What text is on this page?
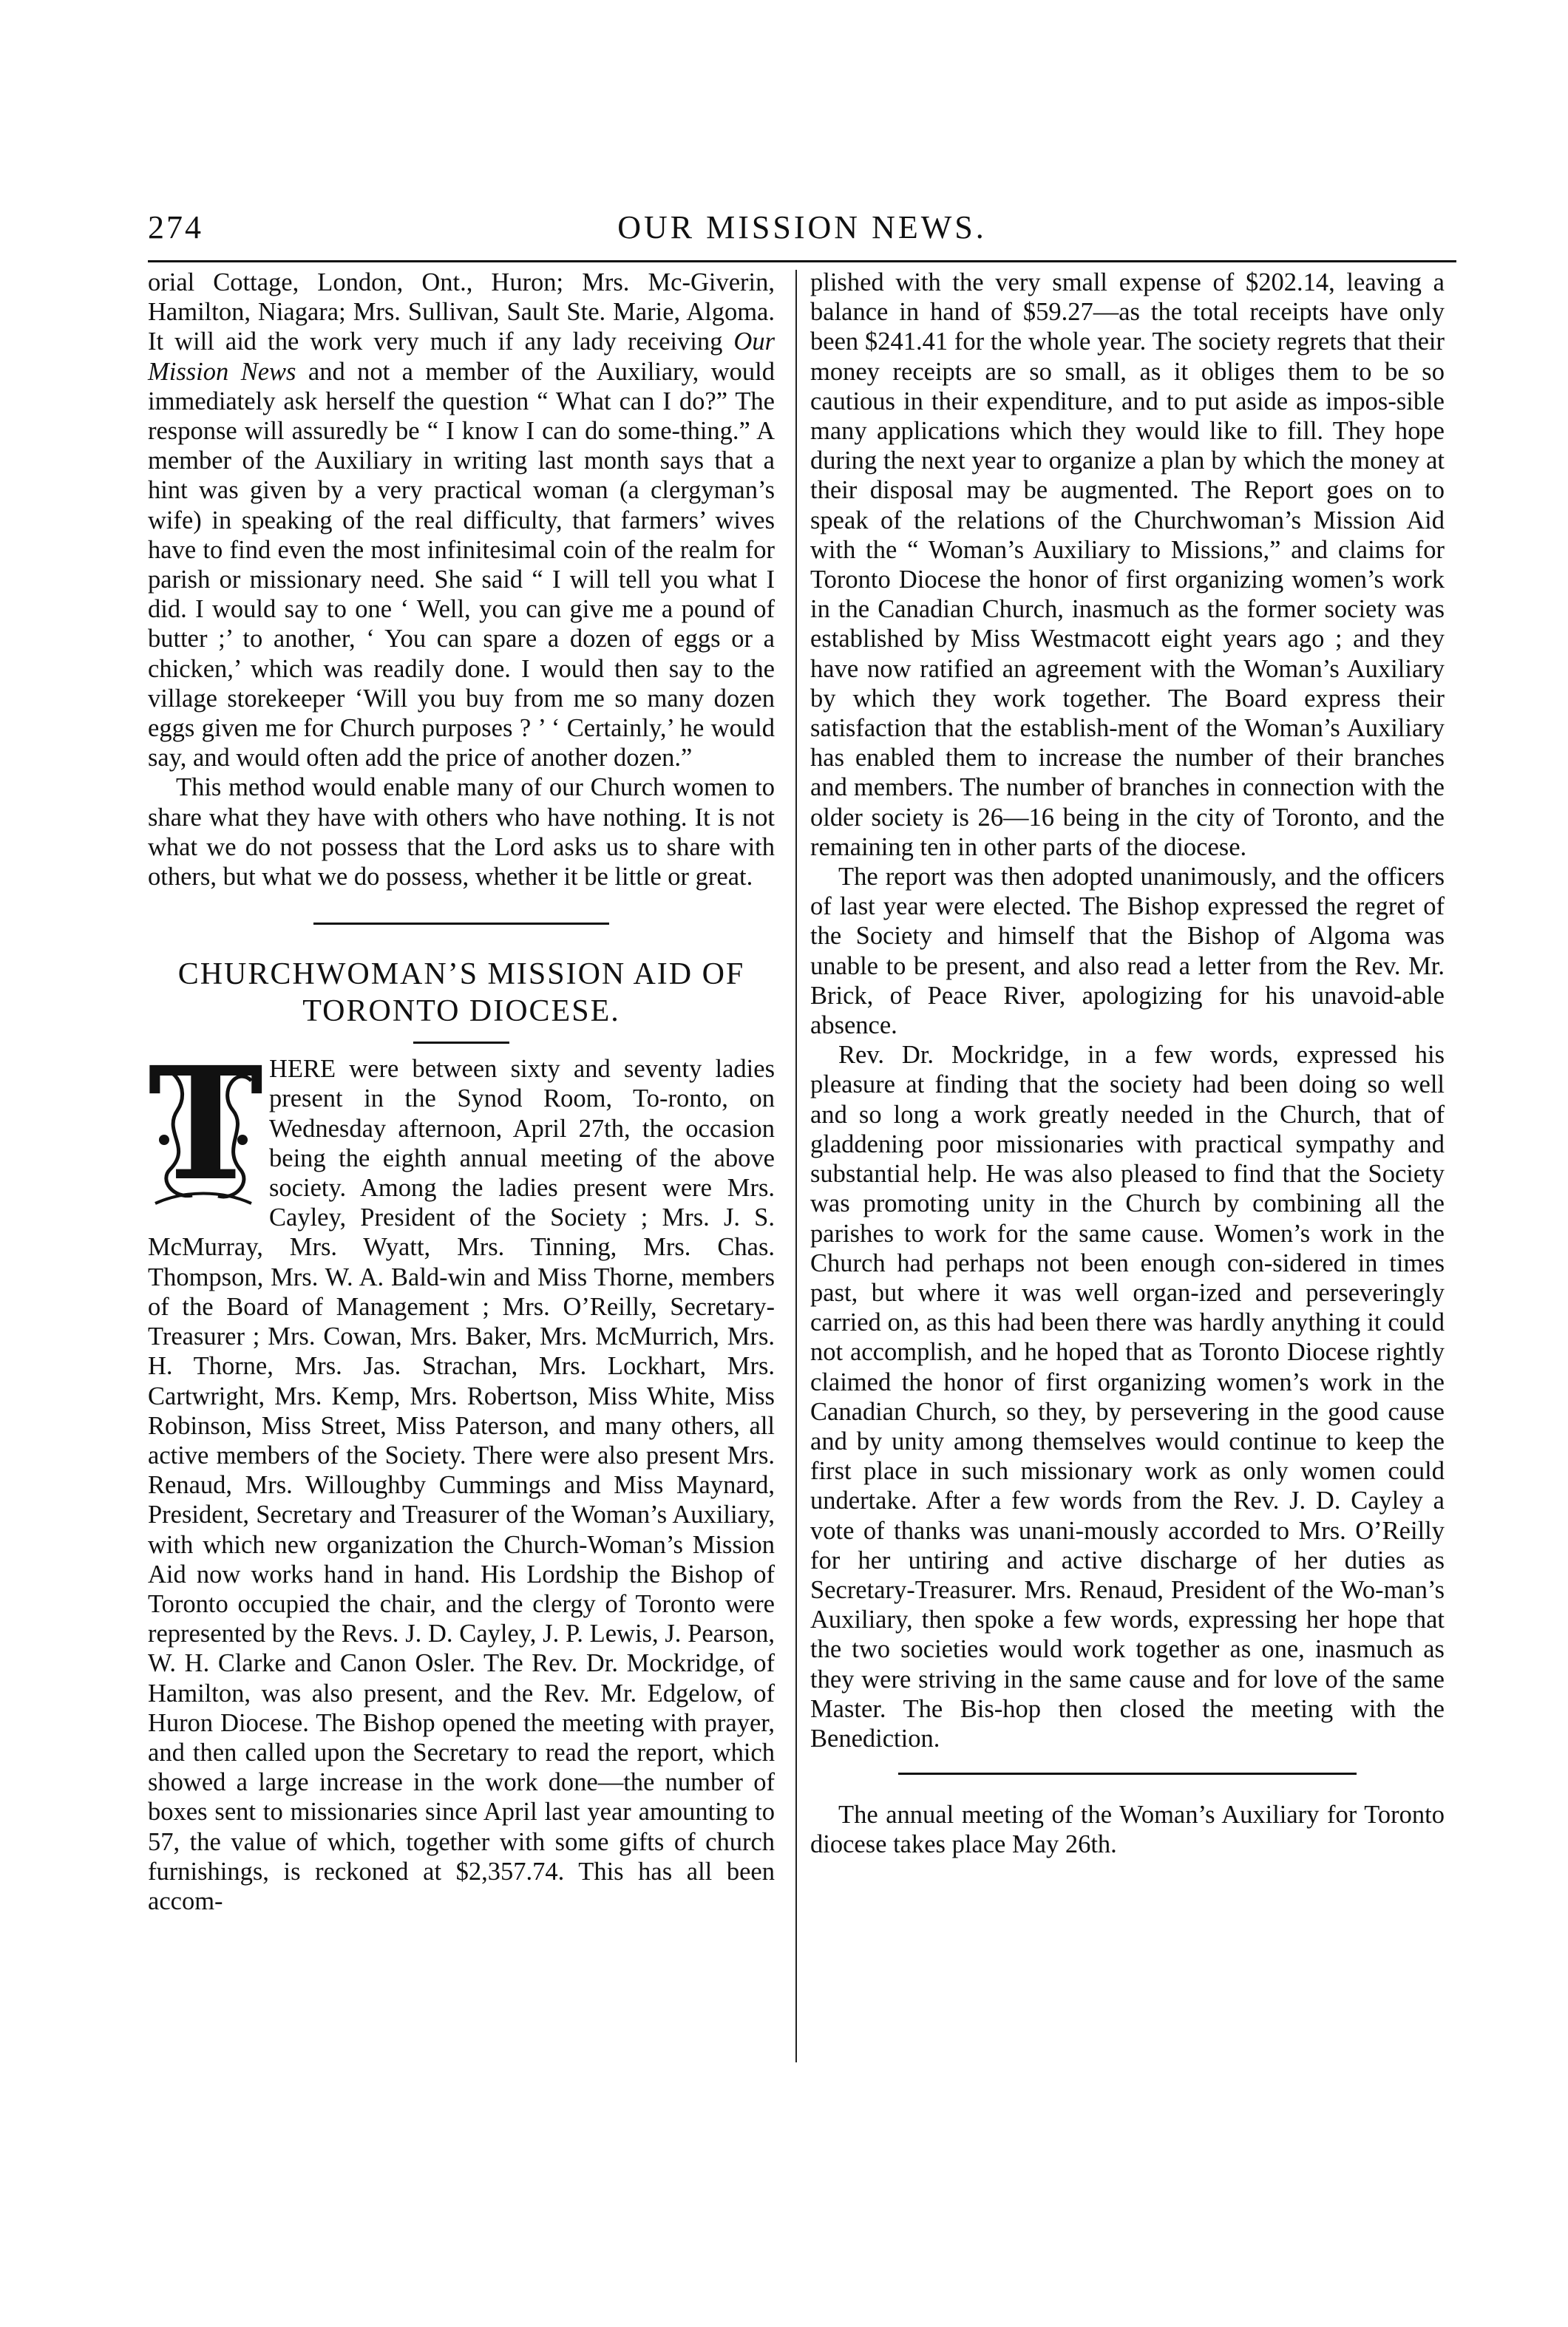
274	OUR MISSION NEWS.

orial Cottage, London, Ont., Huron; Mrs. Mc-Giverin, Hamilton, Niagara; Mrs. Sullivan, Sault Ste. Marie, Algoma. It will aid the work very much if any lady receiving Our Mission News and not a member of the Auxiliary, would immediately ask herself the question “ What can I do?” The response will assuredly be “ I know I can do some-thing.” A member of the Auxiliary in writing last month says that a hint was given by a very practical woman (a clergyman’s wife) in speaking of the real difficulty, that farmers’ wives have to find even the most infinitesimal coin of the realm for parish or missionary need. She said “ I will tell you what I did. I would say to one ‘ Well, you can give me a pound of butter ;’ to another, ‘ You can spare a dozen of eggs or a chicken,’ which was readily done. I would then say to the village storekeeper ‘Will you buy from me so many dozen eggs given me for Church purposes ? ’ ‘ Certainly,’ he would say, and would often add the price of another dozen.”

This method would enable many of our Church women to share what they have with others who have nothing. It is not what we do not possess that the Lord asks us to share with others, but what we do possess, whether it be little or great.

CHURCHWOMAN’S MISSION AID OF
TORONTO DIOCESE.

T HERE were between sixty and seventy ladies present in the Synod Room, To-ronto, on Wednesday afternoon, April 27th, the occasion being the eighth annual meeting of the above society. Among the ladies present were Mrs. Cayley, President of the Society ; Mrs. J. S. McMurray, Mrs. Wyatt, Mrs. Tinning, Mrs. Chas. Thompson, Mrs. W. A. Bald-win and Miss Thorne, members of the Board of Management ; Mrs. O’Reilly, Secretary-Treasurer ; Mrs. Cowan, Mrs. Baker, Mrs. McMurrich, Mrs. H. Thorne, Mrs. Jas. Strachan, Mrs. Lockhart, Mrs. Cartwright, Mrs. Kemp, Mrs. Robertson, Miss White, Miss Robinson, Miss Street, Miss Paterson, and many others, all active members of the Society. There were also present Mrs. Renaud, Mrs. Willoughby Cummings and Miss Maynard, President, Secretary and Treasurer of the Woman’s Auxiliary, with which new organization the Church-Woman’s Mission Aid now works hand in hand. His Lordship the Bishop of Toronto occupied the chair, and the clergy of Toronto were represented by the Revs. J. D. Cayley, J. P. Lewis, J. Pearson, W. H. Clarke and Canon Osler. The Rev. Dr. Mockridge, of Hamilton, was also present, and the Rev. Mr. Edgelow, of Huron Diocese. The Bishop opened the meeting with prayer, and then called upon the Secretary to read the report, which showed a large increase in the work done—the number of boxes sent to missionaries since April last year amounting to 57, the value of which, together with some gifts of church furnishings, is reckoned at $2,357.74. This has all been accom-

plished with the very small expense of $202.14, leaving a balance in hand of $59.27—as the total receipts have only been $241.41 for the whole year. The society regrets that their money receipts are so small, as it obliges them to be so cautious in their expenditure, and to put aside as impos-sible many applications which they would like to fill. They hope during the next year to organize a plan by which the money at their disposal may be augmented. The Report goes on to speak of the relations of the Churchwoman’s Mission Aid with the “ Woman’s Auxiliary to Missions,” and claims for Toronto Diocese the honor of first organizing women’s work in the Canadian Church, inasmuch as the former society was established by Miss Westmacott eight years ago ; and they have now ratified an agreement with the Woman’s Auxiliary by which they work together. The Board express their satisfaction that the establish-ment of the Woman’s Auxiliary has enabled them to increase the number of their branches and members. The number of branches in connection with the older society is 26—16 being in the city of Toronto, and the remaining ten in other parts of the diocese.

The report was then adopted unanimously, and the officers of last year were elected. The Bishop expressed the regret of the Society and himself that the Bishop of Algoma was unable to be present, and also read a letter from the Rev. Mr. Brick, of Peace River, apologizing for his unavoid-able absence.

Rev. Dr. Mockridge, in a few words, expressed his pleasure at finding that the society had been doing so well and so long a work greatly needed in the Church, that of gladdening poor missionaries with practical sympathy and substantial help. He was also pleased to find that the Society was promoting unity in the Church by combining all the parishes to work for the same cause. Women’s work in the Church had perhaps not been enough con-sidered in times past, but where it was well organ-ized and perseveringly carried on, as this had been there was hardly anything it could not accomplish, and he hoped that as Toronto Diocese rightly claimed the honor of first organizing women’s work in the Canadian Church, so they, by persevering in the good cause and by unity among themselves would continue to keep the first place in such missionary work as only women could undertake. After a few words from the Rev. J. D. Cayley a vote of thanks was unani-mously accorded to Mrs. O’Reilly for her untiring and active discharge of her duties as Secretary-Treasurer. Mrs. Renaud, President of the Wo-man’s Auxiliary, then spoke a few words, expressing her hope that the two societies would work together as one, inasmuch as they were striving in the same cause and for love of the same Master. The Bis-hop then closed the meeting with the Benediction.

The annual meeting of the Woman’s Auxiliary for Toronto diocese takes place May 26th.
